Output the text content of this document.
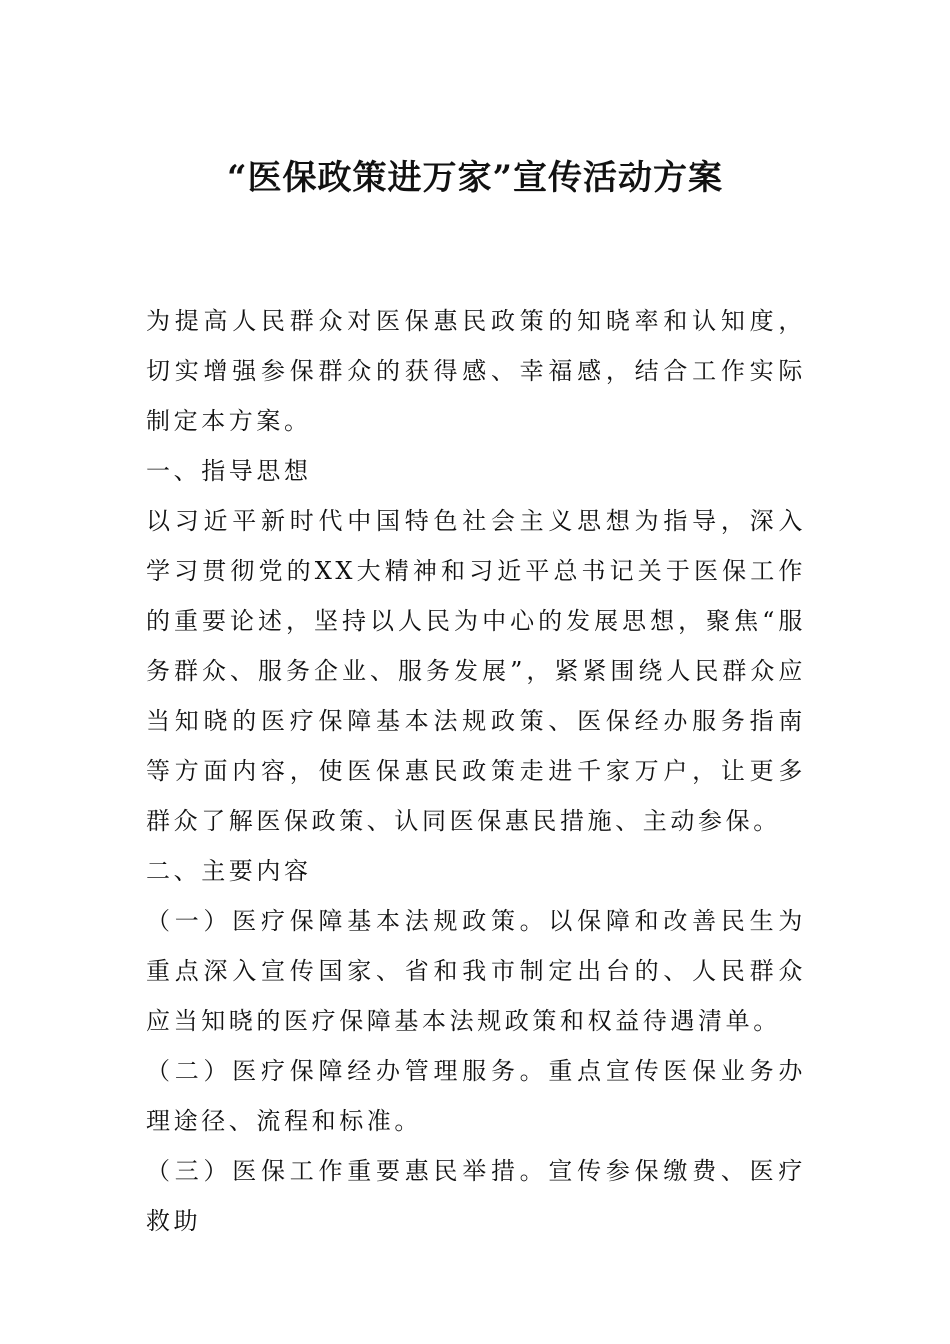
“医保政策进万家”宣传活动方案

为提高人民群众对医保惠民政策的知晓率和认知度，切实增强参保群众的获得感、幸福感，结合工作实际制定本方案。

一、指导思想

以习近平新时代中国特色社会主义思想为指导，深入学习贯彻党的XX大精神和习近平总书记关于医保工作的重要论述，坚持以人民为中心的发展思想，聚焦“服务群众、服务企业、服务发展”，紧紧围绕人民群众应当知晓的医疗保障基本法规政策、医保经办服务指南等方面内容，使医保惠民政策走进千家万户，让更多群众了解医保政策、认同医保惠民措施、主动参保。

二、主要内容

（一）医疗保障基本法规政策。以保障和改善民生为重点深入宣传国家、省和我市制定出台的、人民群众应当知晓的医疗保障基本法规政策和权益待遇清单。

（二）医疗保障经办管理服务。重点宣传医保业务办理途径、流程和标准。

（三）医保工作重要惠民举措。宣传参保缴费、医疗救助
